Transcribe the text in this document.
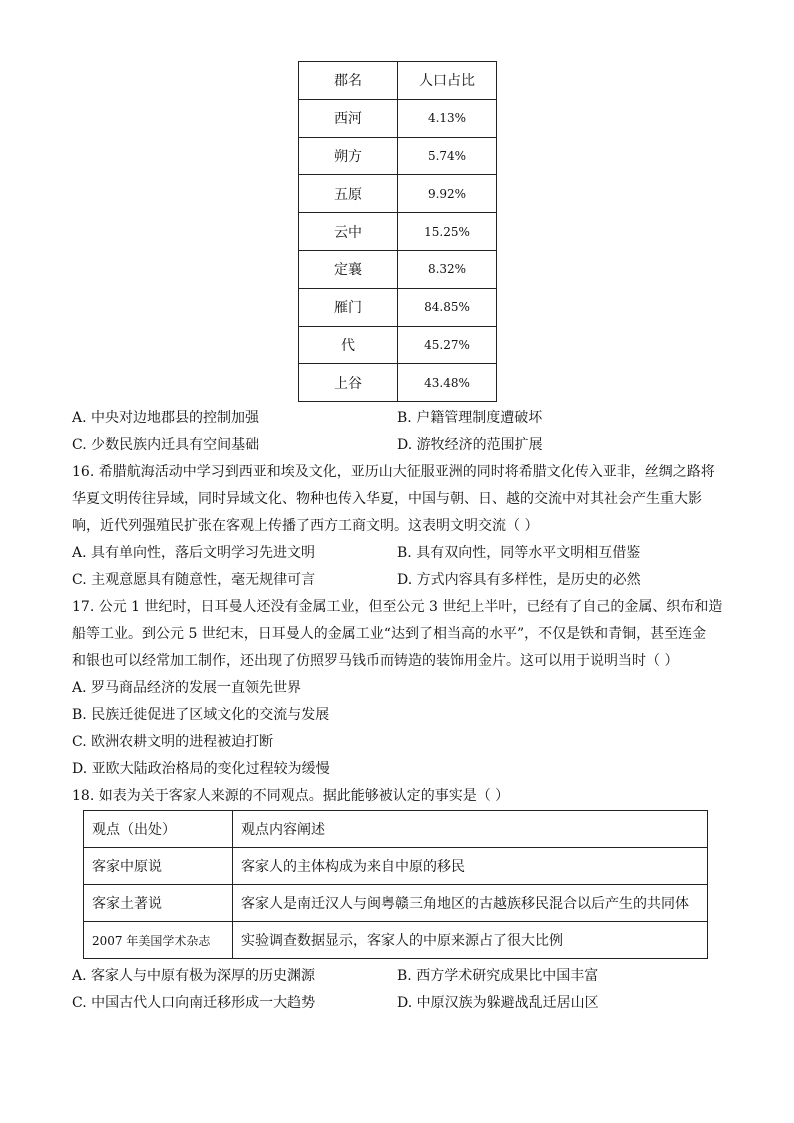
郡名	人口占比
西河	4.13%
朔方	5.74%
五原	9.92%
云中	15.25%
定襄	8.32%
雁门	84.85%
代	45.27%
上谷	43.48%
A. 中央对边地郡县的控制加强	B. 户籍管理制度遭破坏
C. 少数民族内迁具有空间基础	D. 游牧经济的范围扩展
16. 希腊航海活动中学习到西亚和埃及文化，亚历山大征服亚洲的同时将希腊文化传入亚非，丝绸之路将
华夏文明传往异域，同时异域文化、物种也传入华夏，中国与朝、日、越的交流中对其社会产生重大影
响，近代列强殖民扩张在客观上传播了西方工商文明。这表明文明交流（ ）
A. 具有单向性，落后文明学习先进文明	B. 具有双向性，同等水平文明相互借鉴
C. 主观意愿具有随意性，毫无规律可言	D. 方式内容具有多样性，是历史的必然
17. 公元 1 世纪时，日耳曼人还没有金属工业，但至公元 3 世纪上半叶，已经有了自己的金属、织布和造
船等工业。到公元 5 世纪末，日耳曼人的金属工业“达到了相当高的水平”，不仅是铁和青铜，甚至连金
和银也可以经常加工制作，还出现了仿照罗马钱币而铸造的装饰用金片。这可以用于说明当时（ ）
A. 罗马商品经济的发展一直领先世界
B. 民族迁徙促进了区域文化的交流与发展
C. 欧洲农耕文明的进程被迫打断
D. 亚欧大陆政治格局的变化过程较为缓慢
18. 如表为关于客家人来源的不同观点。据此能够被认定的事实是（ ）
观点（出处）	观点内容阐述
客家中原说	客家人的主体构成为来自中原的移民
客家土著说	客家人是南迁汉人与闽粤赣三角地区的古越族移民混合以后产生的共同体
2007 年美国学术杂志	实验调查数据显示，客家人的中原来源占了很大比例
A. 客家人与中原有极为深厚的历史渊源	B. 西方学术研究成果比中国丰富
C. 中国古代人口向南迁移形成一大趋势	D. 中原汉族为躲避战乱迁居山区
